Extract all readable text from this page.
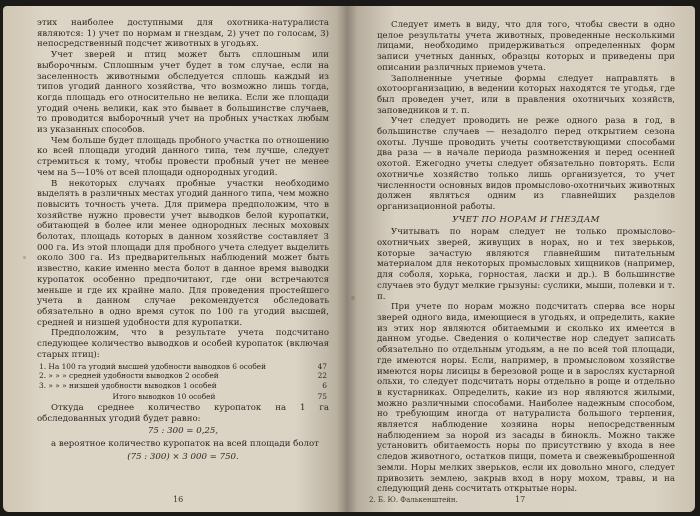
этих наиболее доступными для охотника-натуралиста являются: 1) учет по нормам и гнездам, 2) учет по голосам, 3) непосредственный подсчет животных в угодьях.

Учет зверей и птиц может быть сплошным или выборочным. Сплошным учет будет в том случае, если на заселенность животными обследуется сплошь каждый из типов угодий данного хозяйства, что возможно лишь тогда, когда площадь его относительно не велика. Если же площади угодий очень велики, как это бывает в большинстве случаев, то проводится выборочный учет на пробных участках любым из указанных способов.

Чем больше будет площадь пробного участка по отношению ко всей площади угодий данного типа, тем лучше, следует стремиться к тому, чтобы провести пробный учет не менее чем на 5—10% от всей площади однородных угодий.

В некоторых случаях пробные участки необходимо выделять в различных местах угодий данного типа, чем можно повысить точность учета. Для примера предположим, что в хозяйстве нужно провести учет выводков белой куропатки, обитающей в более или менее однородных лесных моховых болотах, площадь которых в данном хозяйстве составляет 3 000 га. Из этой площади для пробного учета следует выделить около 300 га. Из предварительных наблюдений может быть известно, какие именно места болот в данное время выводки куропаток особенно предпочитают, где они встречаются меньше и где их крайне мало. Для проведения простейшего учета в данном случае рекомендуется обследовать обязательно в одно время суток по 100 га угодий высшей, средней и низшей удобности для куропатки.

Предположим, что в результате учета подсчитано следующее количество выводков и особей куропаток (включая старых птиц):

1. На 100 га угодий высшей удобности выводков 6 особей	47
2. » » » средней удобности выводков 2 особей	22
3. » » » низшей удобности выводков 1 особей	6
Итого выводков 10 особей	75

Откуда среднее количество куропаток на 1 га обследованных угодий будет равно:

75 : 300 = 0,25,

а вероятное количество куропаток на всей площади болот

(75 : 300) × 3 000 = 750.
16

Следует иметь в виду, что для того, чтобы свести в одно целое результаты учета животных, проведенные несколькими лицами, необходимо придерживаться определенных форм записи учетных данных, образцы которых и приведены при описании различных приемов учета.

Заполненные учетные формы следует направлять в охотоорганизацию, в ведении которых находятся те угодья, где был проведен учет, или в правления охотничьих хозяйств, заповедников и т. п.

Учет следует проводить не реже одного раза в год, в большинстве случаев — незадолго перед открытием сезона охоты. Лучше проводить учеты соответствующими способами два раза — в начале периода размножения и перед осенней охотой. Ежегодно учеты следует обязательно повторять. Если охотничье хозяйство только лишь организуется, то учет численности основных видов промыслово-охотничьих животных должен являться одним из главнейших разделов организационной работы.

УЧЕТ ПО НОРАМ И ГНЕЗДАМ

Учитывать по норам следует не только промыслово-охотничьих зверей, живущих в норах, но и тех зверьков, которые зачастую являются главнейшим питательным материалом для некоторых промысловых хищников (например, для соболя, хорька, горностая, ласки и др.). В большинстве случаев это будут мелкие грызуны: суслики, мыши, полевки и т. п.

При учете по норам можно подсчитать сперва все норы зверей одного вида, имеющиеся в угодьях, и определить, какие из этих нор являются обитаемыми и сколько их имеется в данном угодье. Сведения о количестве нор следует записать обязательно по отдельным угодьям, а не по всей той площади, где имеются норы. Если, например, в промысловом хозяйстве имеются норы лисицы в березовой роще и в зарослях кустарной ольхи, то следует подсчитать норы отдельно в роще и отдельно в кустарниках. Определить, какие из нор являются жилыми, можно различными способами. Наиболее надежным способом, но требующим иногда от натуралиста большого терпения, является наблюдение хозяина норы непосредственным наблюдением за норой из засады в бинокль. Можно также установить обитаемость норы по присутствию у входа в нее следов животного, остатков пищи, помета и свежевыброшенной земли. Норы мелких зверьков, если их довольно много, следует привозить землею, закрыв вход в нору мохом, травы, и на следующий день сосчитать открытые норы.

2. Б. Ю. Фалькенштейн.	17
